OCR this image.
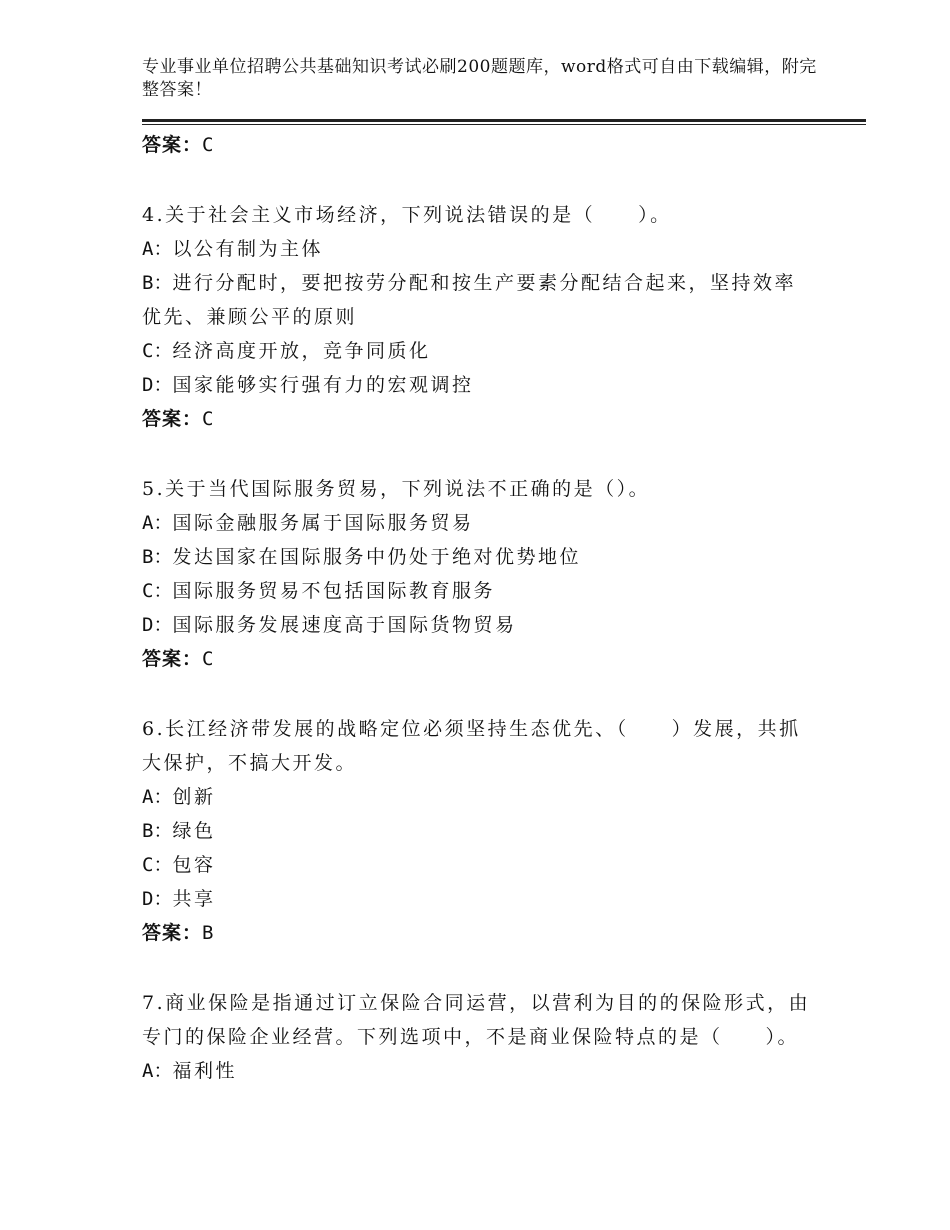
专业事业单位招聘公共基础知识考试必刷200题题库，word格式可自由下载编辑，附完整答案！
答案：C
4.关于社会主义市场经济，下列说法错误的是（　　）。
A：以公有制为主体
B：进行分配时，要把按劳分配和按生产要素分配结合起来，坚持效率优先、兼顾公平的原则
C：经济高度开放，竞争同质化
D：国家能够实行强有力的宏观调控
答案：C
5.关于当代国际服务贸易，下列说法不正确的是（）。
A：国际金融服务属于国际服务贸易
B：发达国家在国际服务中仍处于绝对优势地位
C：国际服务贸易不包括国际教育服务
D：国际服务发展速度高于国际货物贸易
答案：C
6.长江经济带发展的战略定位必须坚持生态优先、（　　）发展，共抓大保护，不搞大开发。
A：创新
B：绿色
C：包容
D：共享
答案：B
7.商业保险是指通过订立保险合同运营，以营利为目的的保险形式，由专门的保险企业经营。下列选项中，不是商业保险特点的是（　　）。
A：福利性
